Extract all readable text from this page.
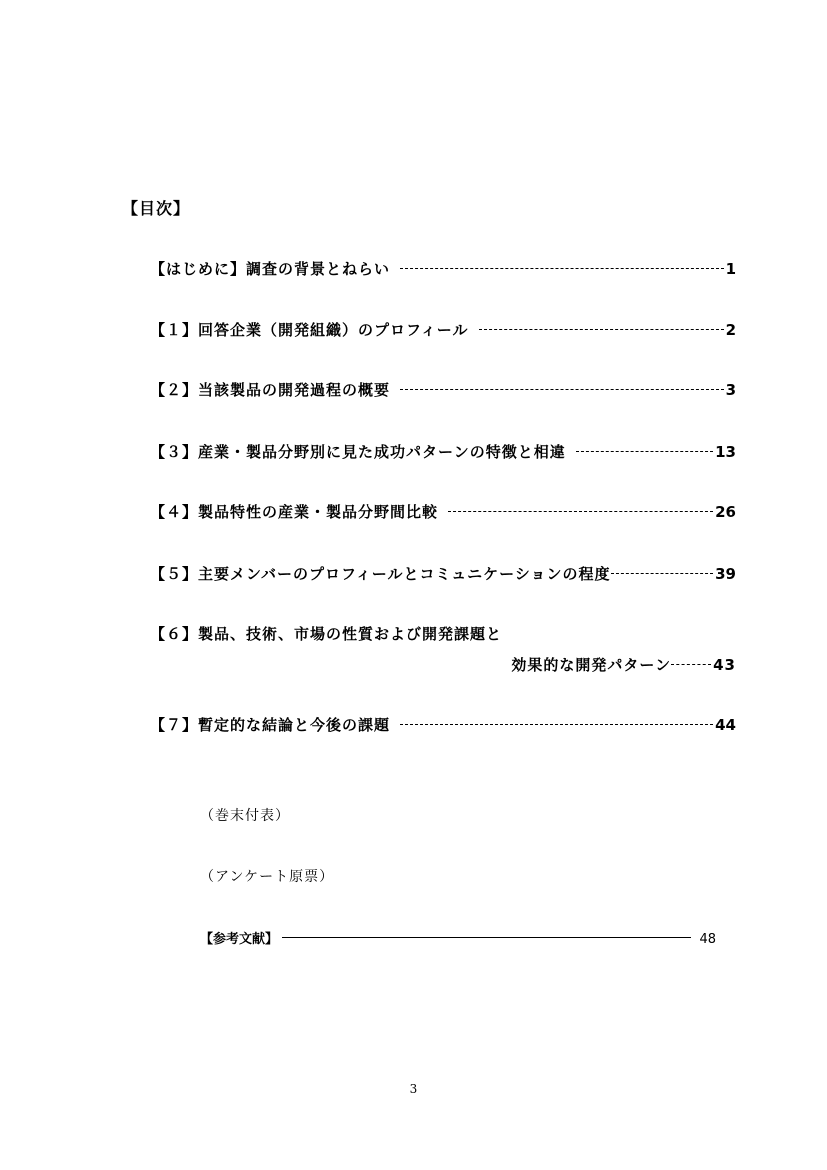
【目次】
【はじめに】調査の背景とねらい	1
【１】回答企業（開発組織）のプロフィール	2
【２】当該製品の開発過程の概要	3
【３】産業・製品分野別に見た成功パターンの特徴と相違	13
【４】製品特性の産業・製品分野間比較	26
【５】主要メンバーのプロフィールとコミュニケーションの程度	39
【６】製品、技術、市場の性質および開発課題と
効果的な開発パターン	43
【７】暫定的な結論と今後の課題	44
（巻末付表）
（アンケート原票）
【参考文献】	48
3
